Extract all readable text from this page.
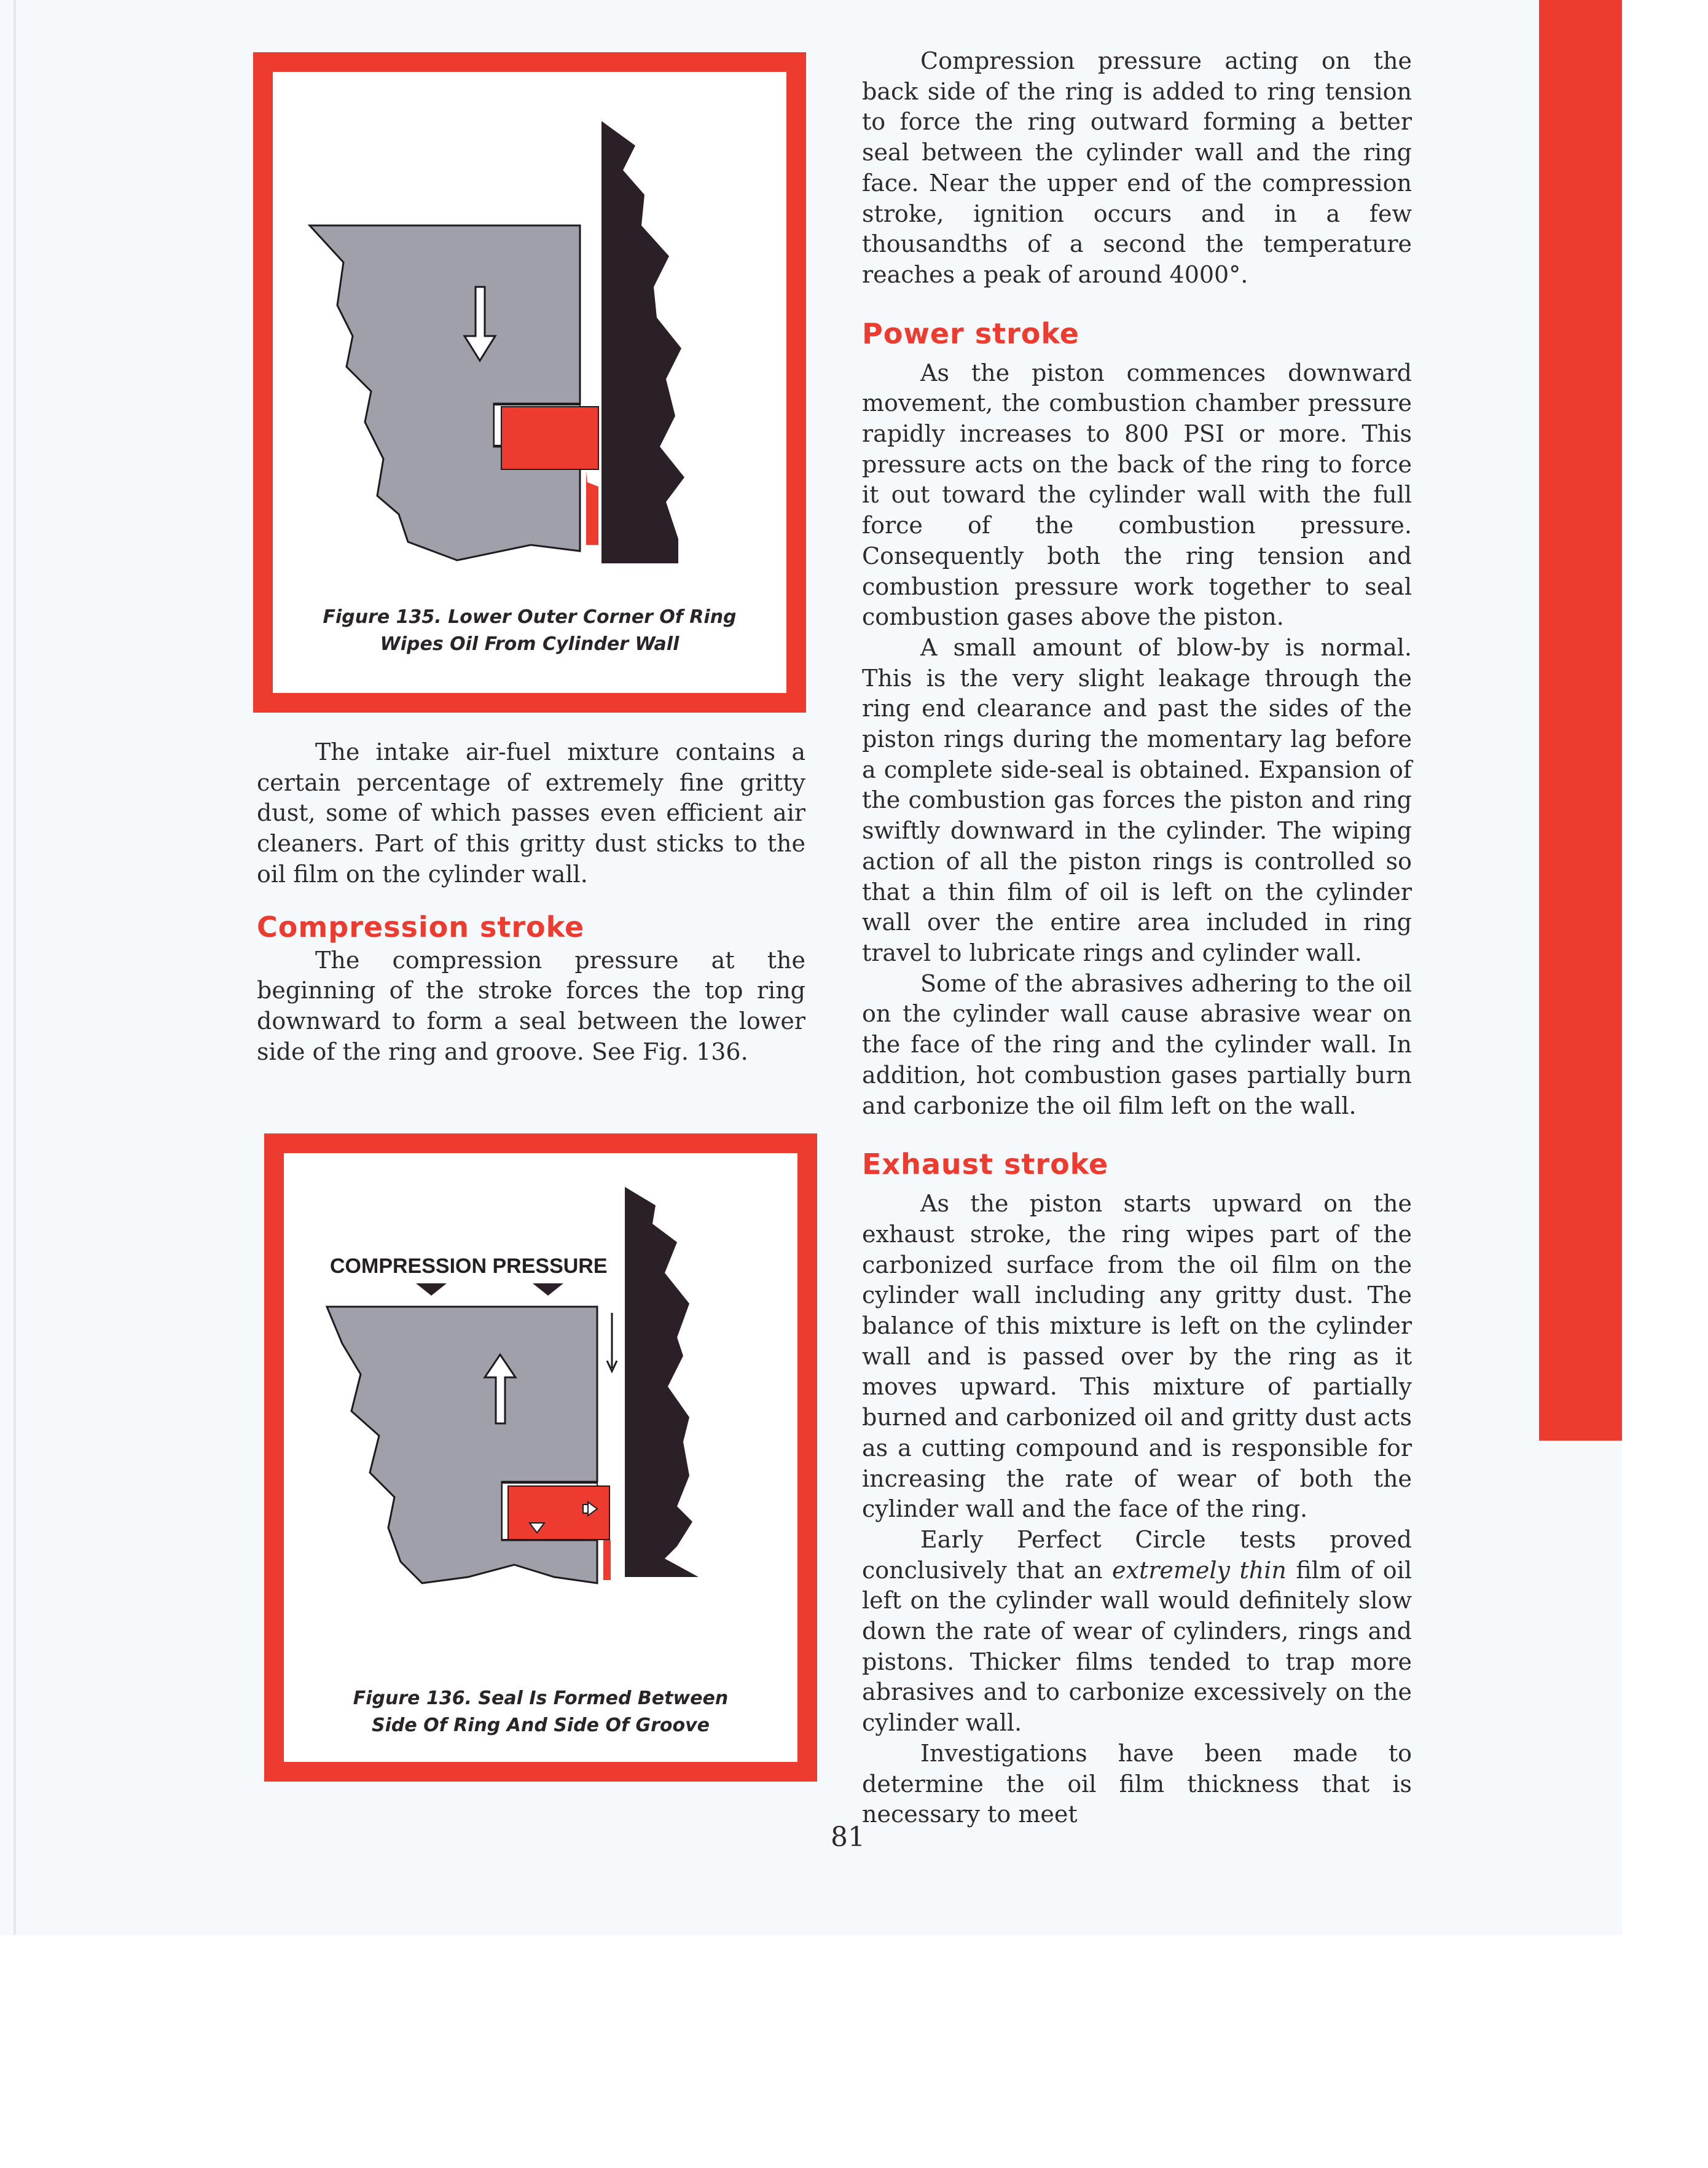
Figure 135. Lower Outer Corner Of Ring
Wipes Oil From Cylinder Wall
COMPRESSION PRESSURE
Figure 136. Seal Is Formed Between
Side Of Ring And Side Of Groove

The intake air-fuel mixture contains a certain percentage of extremely fine gritty dust, some of which passes even efficient air cleaners. Part of this gritty dust sticks to the oil film on the cylinder wall.

Compression stroke

The compression pressure at the beginning of the stroke forces the top ring downward to form a seal between the lower side of the ring and groove. See Fig. 136.

Compression pressure acting on the back side of the ring is added to ring tension to force the ring outward forming a better seal between the cylinder wall and the ring face. Near the upper end of the compression stroke, ignition occurs and in a few thousandths of a second the temperature reaches a peak of around 4000°.

Power stroke

As the piston commences downward movement, the combustion chamber pressure rapidly increases to 800 PSI or more. This pressure acts on the back of the ring to force it out toward the cylinder wall with the full force of the combustion pressure. Consequently both the ring tension and combustion pressure work together to seal combustion gases above the piston.

A small amount of blow-by is normal. This is the very slight leakage through the ring end clearance and past the sides of the piston rings during the momentary lag before a complete side-seal is obtained. Expansion of the combustion gas forces the piston and ring swiftly downward in the cylinder. The wiping action of all the piston rings is controlled so that a thin film of oil is left on the cylinder wall over the entire area included in ring travel to lubricate rings and cylinder wall.

Some of the abrasives adhering to the oil on the cylinder wall cause abrasive wear on the face of the ring and the cylinder wall. In addition, hot combustion gases partially burn and carbonize the oil film left on the wall.

Exhaust stroke

As the piston starts upward on the exhaust stroke, the ring wipes part of the carbonized surface from the oil film on the cylinder wall including any gritty dust. The balance of this mixture is left on the cylinder wall and is passed over by the ring as it moves upward. This mixture of partially burned and carbonized oil and gritty dust acts as a cutting compound and is responsible for increasing the rate of wear of both the cylinder wall and the face of the ring.

Early Perfect Circle tests proved conclusively that an extremely thin film of oil left on the cylinder wall would definitely slow down the rate of wear of cylinders, rings and pistons. Thicker films tended to trap more abrasives and to carbonize excessively on the cylinder wall.

Investigations have been made to determine the oil film thickness that is necessary to meet

81
